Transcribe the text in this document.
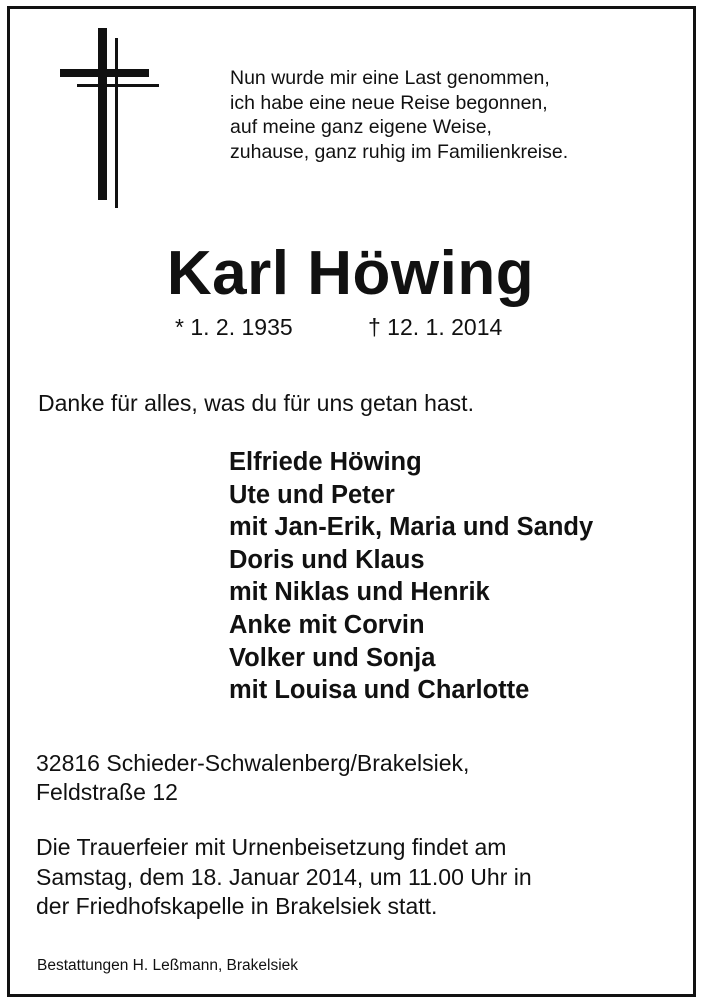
Nun wurde mir eine Last genommen,
ich habe eine neue Reise begonnen,
auf meine ganz eigene Weise,
zuhause, ganz ruhig im Familienkreise.
Karl Höwing
* 1. 2. 1935	† 12. 1. 2014
Danke für alles, was du für uns getan hast.
Elfriede Höwing
Ute und Peter
mit Jan-Erik, Maria und Sandy
Doris und Klaus
mit Niklas und Henrik
Anke mit Corvin
Volker und Sonja
mit Louisa und Charlotte
32816 Schieder-Schwalenberg/Brakelsiek,
Feldstraße 12
Die Trauerfeier mit Urnenbeisetzung findet am
Samstag, dem 18. Januar 2014, um 11.00 Uhr in
der Friedhofskapelle in Brakelsiek statt.
Bestattungen H. Leßmann, Brakelsiek
